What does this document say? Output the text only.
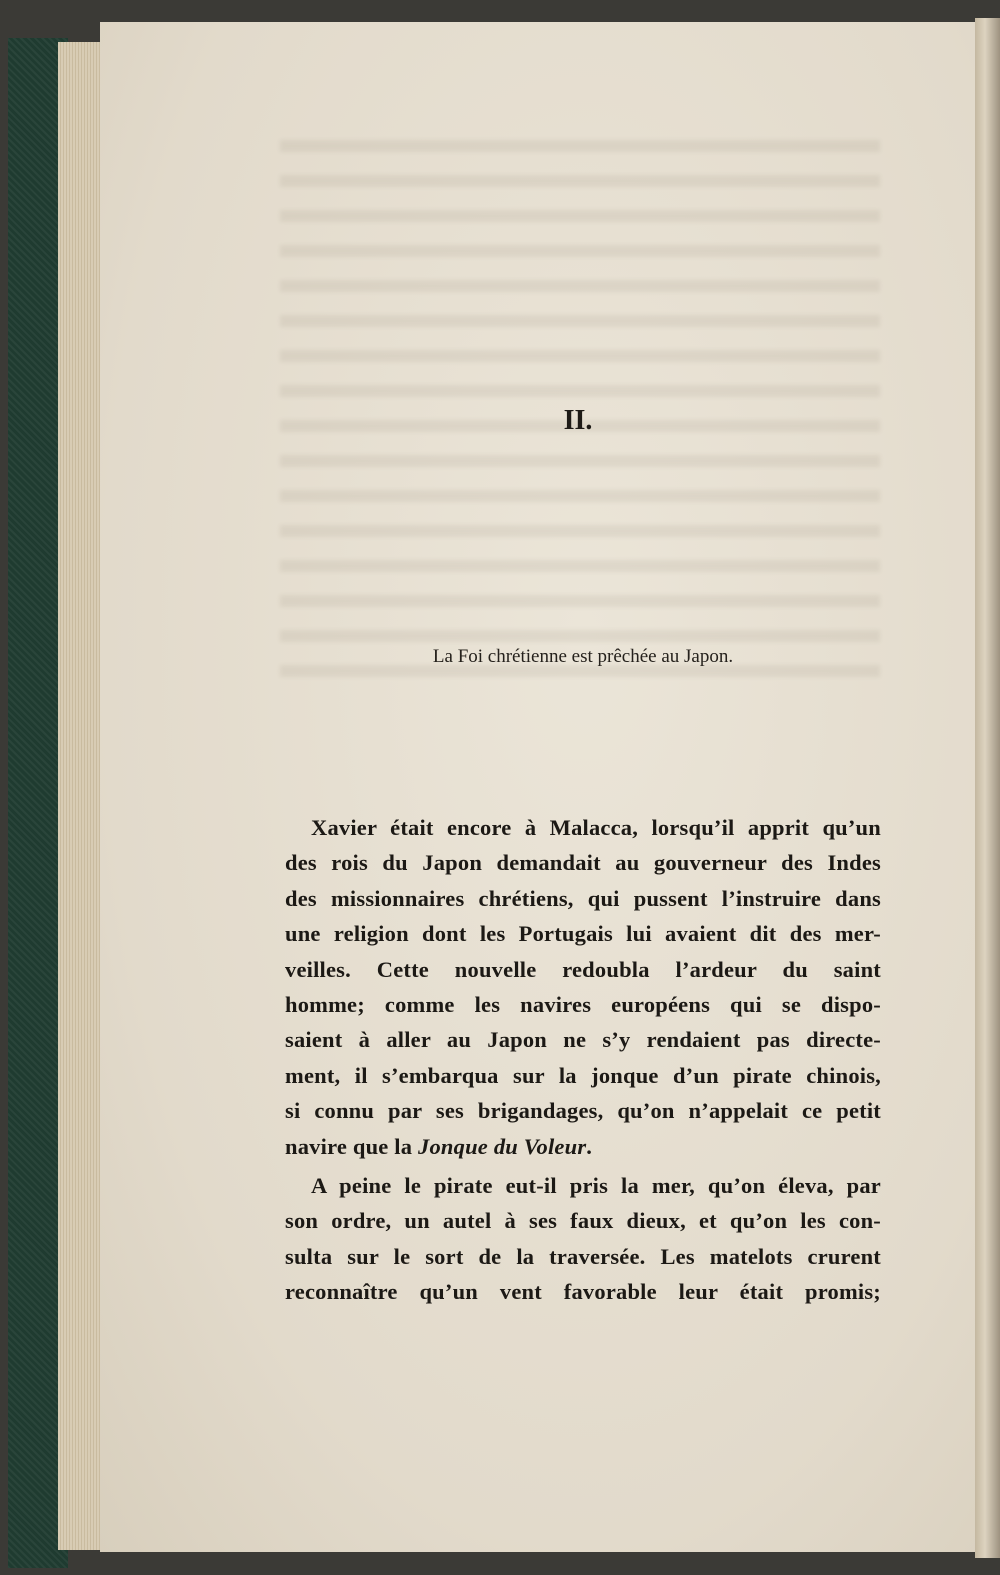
II.
La Foi chrétienne est prêchée au Japon.
Xavier était encore à Malacca, lorsqu’il apprit qu’un
des rois du Japon demandait au gouverneur des Indes
des missionnaires chrétiens, qui pussent l’instruire dans
une religion dont les Portugais lui avaient dit des mer-
veilles. Cette nouvelle redoubla l’ardeur du saint
homme; comme les navires européens qui se dispo-
saient à aller au Japon ne s’y rendaient pas directe-
ment, il s’embarqua sur la jonque d’un pirate chinois,
si connu par ses brigandages, qu’on n’appelait ce petit
navire que la Jonque du Voleur.
A peine le pirate eut-il pris la mer, qu’on éleva, par
son ordre, un autel à ses faux dieux, et qu’on les con-
sulta sur le sort de la traversée. Les matelots crurent
reconnaître qu’un vent favorable leur était promis;
